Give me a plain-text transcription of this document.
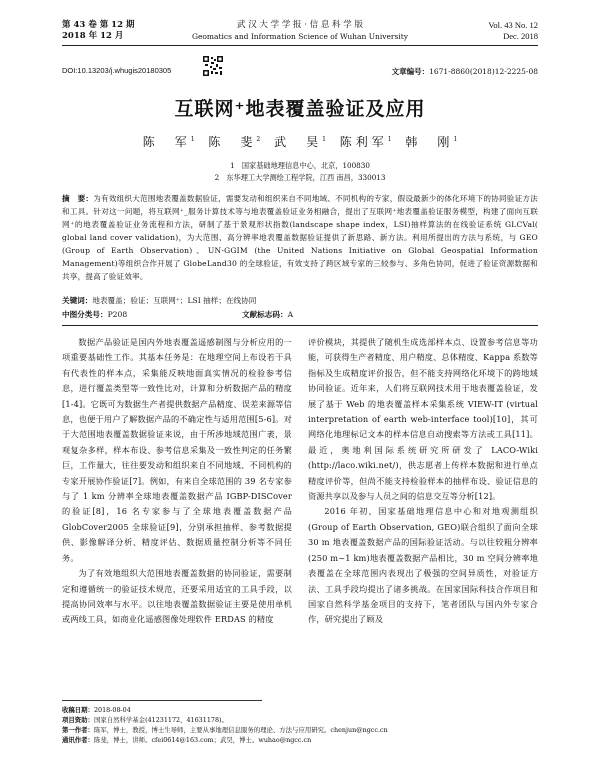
第 43 卷 第 12 期
2018 年 12 月
武 汉 大 学 学 报 · 信 息 科 学 版
Geomatics and Information Science of Wuhan University
Vol. 43 No. 12
Dec. 2018
DOI:10.13203/j.whugis20180305	文章编号：1671-8860(2018)12-2225-08
互联网⁺地表覆盖验证及应用
陈　军$^1$ 陈　斐$^2$ 武　昊$^1$ 陈利军$^1$ 韩　刚$^1$
1　国家基础地理信息中心，北京，100830
2　东华理工大学测绘工程学院，江西 南昌，330013
摘　要：为有效组织大范围地表覆盖数据验证，需要发动和组织来自不同地域、不同机构的专家，假设最新少的体化环境下的协同验证方法和工具。针对这一问题，将互联网⁺_服务计算技术等与地表覆盖验证业务相融合，提出了互联网⁺地表覆盖验证服务模型，构建了面向互联网⁺的地表覆盖验证业务流程和方法，研制了基于景观形状指数(landscape shape index，LSI)抽样算法的在线验证系统 GLCVal( global land cover validation)，为大范围、高分辨率地表覆盖数据验证提供了新思路、新方法。利用所提出的方法与系统，与 GEO (Group of Earth Observation)、UN-GGIM (the United Nations Initiative on Global Geospatial Information Management)等组织合作开展了 GlobeLand30 的全球验证，有效支持了跨区域专家的三较参与、多角色协同，促进了验证资源数据和共享，提高了验证效率。
关键词：地表覆盖；验证；互联网⁺；LSI 抽样；在线协同
中图分类号：P208	文献标志码：A

数据产品验证是国内外地表覆盖遥感制图与分析应用的一项重要基础性工作。其基本任务是：在地理空间上布设若干具有代表性的样本点，采集能反映地面真实情况的检验参考信息，进行覆盖类型等一致性比对，计算和分析数据产品的精度[1-4]。它既可为数据生产者提供数据产品精度、误差来源等信息，也便于用户了解数据产品的不确定性与适用范围[5-6]。对于大范围地表覆盖数据验证来说，由于所涉地域范围广袤，景观复杂多样，样本布设、参考信息采集及一致性判定的任务繁巨，工作量大，往往要发动和组织来自不同地域、不同机构的专家开展协作验证[7]。例如，有来自全球范围的 39 名专家参与了 1 km 分辨率全球地表覆盖数据产品 IGBP-DISCover 的验证[8]，16 名专家参与了全球地表覆盖数据产品 GlobCover2005 全球验证[9]，分别承担抽样、参考数据提供、影像解译分析、精度评估、数据质量控制分析等不同任务。

为了有效地组织大范围地表覆盖数据的协同验证，需要制定和遵循统一的验证技术规范，还要采用适宜的工具手段，以提高协同效率与水平。以往地表覆盖数据验证主要是使用单机或两线工具，如商业化遥感图像处理软件 ERDAS 的精度

评价模块，其提供了随机生成选部样本点、设置参考信息等功能，可获得生产者精度、用户精度、总体精度、Kappa 系数等指标及生成精度评价报告，但不能支持网络化环境下的跨地域协同验证。近年来，人们将互联网技术用于地表覆盖验证，发展了基于 Web 的地表覆盖样本采集系统 VIEW-IT (virtual interpretation of earth web-interface tool)[10]，其可网络化地理标记文本的样本信息自动搜索等方法或工具[11]。最近，奥地利国际系统研究所研发了 LACO-Wiki (http://laco.wiki.net/)，供志愿者上传样本数据和进行单点精度评价等，但尚不能支持检验样本的抽样布设、验证信息的资源共享以及参与人员之间的信息交互等分析[12]。

2016 年初，国家基础地理信息中心和对地观测组织(Group of Earth Observation, GEO)联合组织了面向全球 30 m 地表覆盖数据产品的国际验证活动。与以往较粗分辨率(250 m~1 km)地表覆盖数据产品相比，30 m 空间分辨率地表覆盖在全球范围内表现出了极强的空间异质性，对验证方法、工具手段均提出了诸多挑战。在国家国际科技合作项目和国家自然科学基金项目的支持下，笔者团队与国内外专家合作，研究提出了顾及

收稿日期：2018-08-04
项目资助：国家自然科学基金(41231172，41631178)。
第一作者：陈军，博士，教授，博士生导师，主要从事地理信息服务的理论、方法与应用研究。chenjun@ngcc.cn
通讯作者：陈斐，博士，讲师。cfei0614@163.com；武昊，博士。wuhao@ngcc.cn
